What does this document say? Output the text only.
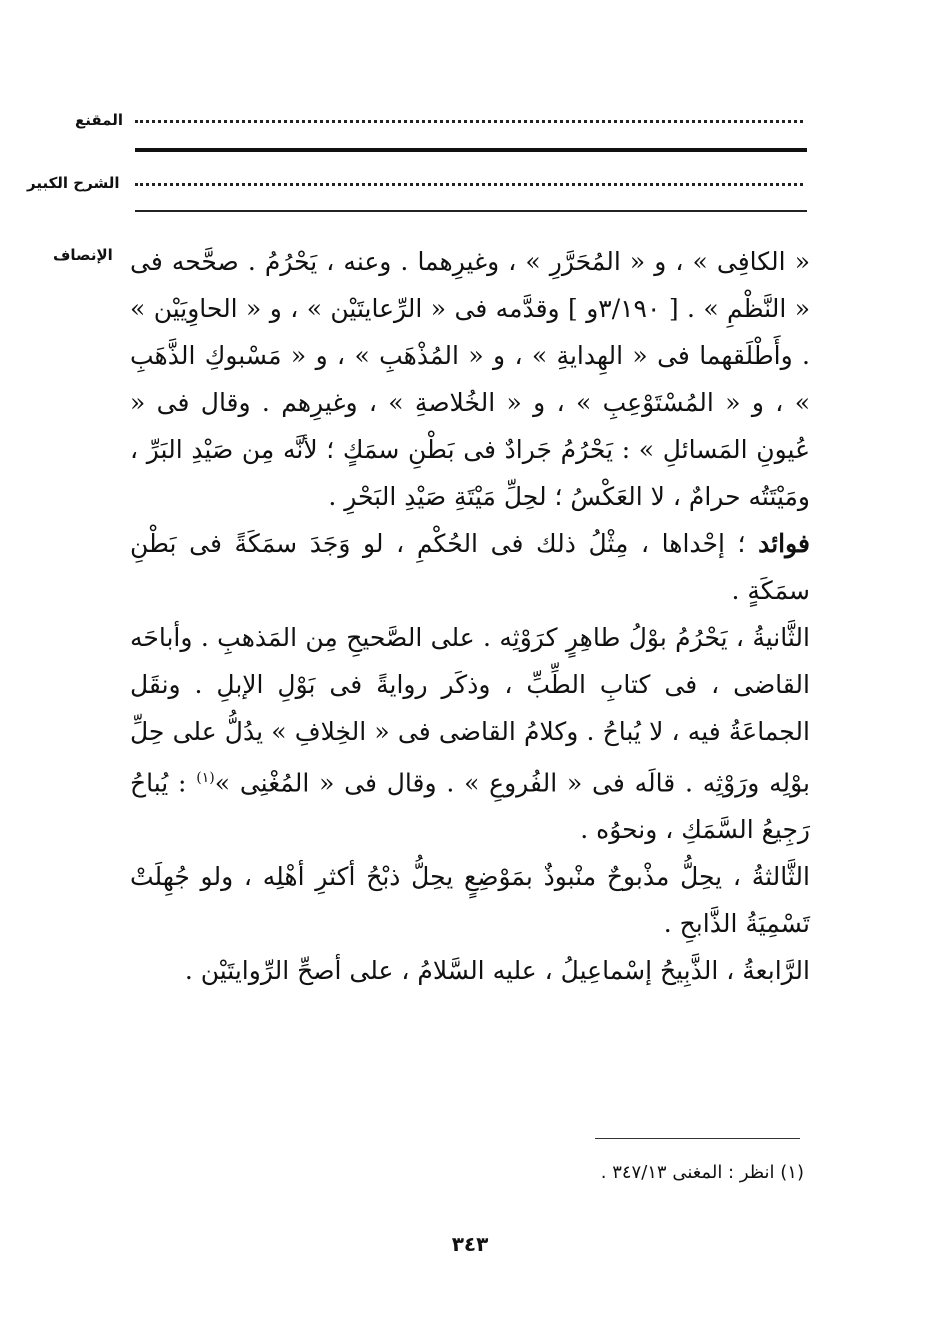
المقنع
الشرح الكبير
الإنصاف « الكافِى » ، و « المُحَرَّرِ » ، وغيرِهما . وعنه ، يَحْرُمُ . صحَّحه فى « النَّظْمِ » . [ ٣/١٩٠و ] وقدَّمه فى « الرِّعايتَيْن » ، و « الحاوِيَيْن » . وأَطْلَقهما فى « الهِدايةِ » ، و « المُذْهَبِ » ، و « مَسْبوكِ الذَّهَبِ » ، و « المُسْتَوْعِبِ » ، و « الخُلاصةِ » ، وغيرِهم . وقال فى « عُيونِ المَسائلِ » : يَحْرُمُ جَرادٌ فى بَطْنِ سمَكٍ ؛ لأنَّه مِن صَيْدِ البَرِّ ، ومَيْتَتُه حرامٌ ، لا العَكْسُ ؛ لحِلِّ مَيْتَةِ صَيْدِ البَحْرِ .

فوائد ؛ إحْداها ، مِثْلُ ذلك فى الحُكْمِ ، لو وَجَدَ سمَكَةً فى بَطْنِ سمَكَةٍ .

الثَّانيةُ ، يَحْرُمُ بوْلُ طاهِرٍ كرَوْثِه . على الصَّحيحِ مِن المَذهبِ . وأباحَه القاضى ، فى كتابِ الطِّبِّ ، وذكَر روايةً فى بَوْلِ الإبلِ . ونقَل الجماعَةُ فيه ، لا يُباحُ . وكلامُ القاضى فى « الخِلافِ » يدُلُّ على حِلِّ بوْلِه ورَوْثِه . قالَه فى « الفُروعِ » . وقال فى « المُغْنِى »$^{(١)}$ : يُباحُ رَجِيعُ السَّمَكِ ، ونحوُه .

الثَّالثةُ ، يحِلُّ مذْبوحٌ منْبوذٌ بمَوْضِعٍ يحِلُّ ذبْحُ أكثرِ أهْلِه ، ولو جُهِلَتْ تَسْمِيَةُ الذَّابحِ .

الرَّابعةُ ، الذَّبِيحُ إسْماعِيلُ ، عليه السَّلامُ ، على أصحِّ الرِّوايتَيْن .

(١) انظر : المغنى ٣٤٧/١٣ .
٣٤٣
